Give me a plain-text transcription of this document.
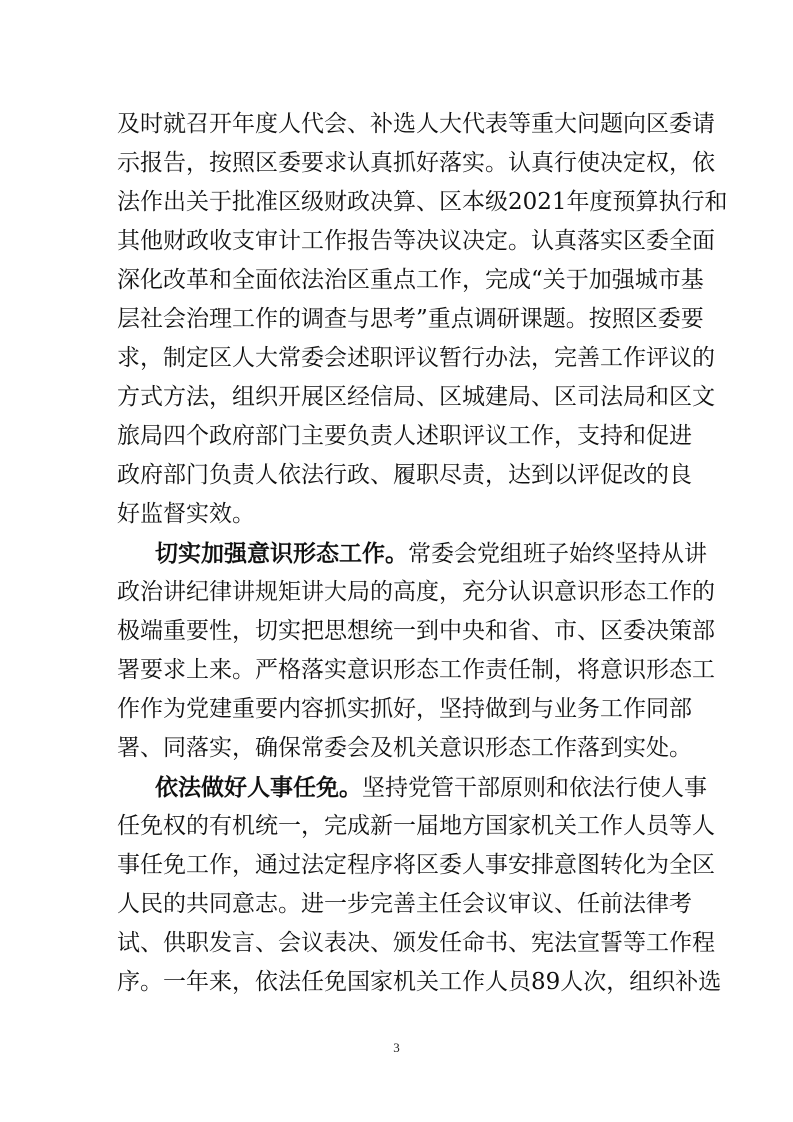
及时就召开年度人代会、补选人大代表等重大问题向区委请
示报告，按照区委要求认真抓好落实。认真行使决定权，依
法作出关于批准区级财政决算、区本级2021年度预算执行和
其他财政收支审计工作报告等决议决定。认真落实区委全面
深化改革和全面依法治区重点工作，完成“关于加强城市基
层社会治理工作的调查与思考”重点调研课题。按照区委要
求，制定区人大常委会述职评议暂行办法，完善工作评议的
方式方法，组织开展区经信局、区城建局、区司法局和区文
旅局四个政府部门主要负责人述职评议工作，支持和促进
政府部门负责人依法行政、履职尽责，达到以评促改的良
好监督实效。
切实加强意识形态工作。常委会党组班子始终坚持从讲
政治讲纪律讲规矩讲大局的高度，充分认识意识形态工作的
极端重要性，切实把思想统一到中央和省、市、区委决策部
署要求上来。严格落实意识形态工作责任制，将意识形态工
作作为党建重要内容抓实抓好，坚持做到与业务工作同部
署、同落实，确保常委会及机关意识形态工作落到实处。
依法做好人事任免。坚持党管干部原则和依法行使人事
任免权的有机统一，完成新一届地方国家机关工作人员等人
事任免工作，通过法定程序将区委人事安排意图转化为全区
人民的共同意志。进一步完善主任会议审议、任前法律考
试、供职发言、会议表决、颁发任命书、宪法宣誓等工作程
序。一年来，依法任免国家机关工作人员89人次，组织补选
3
